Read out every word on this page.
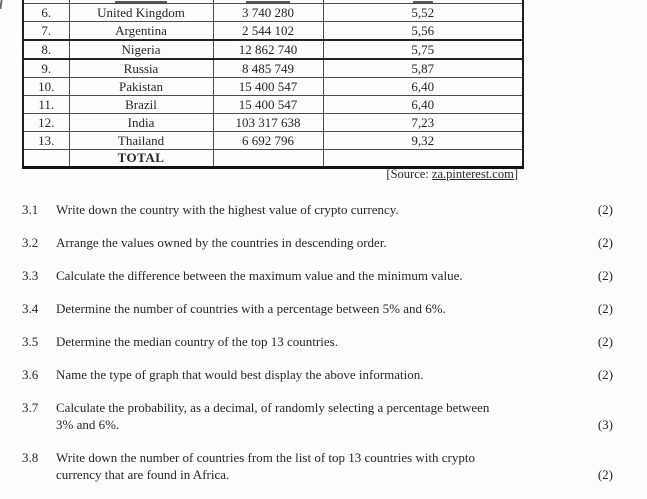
6.	United Kingdom	3 740 280	5,52
7.	Argentina	2 544 102	5,56
8.	Nigeria	12 862 740	5,75
9.	Russia	8 485 749	5,87
10.	Pakistan	15 400 547	6,40
11.	Brazil	15 400 547	6,40
12.	India	103 317 638	7,23
13.	Thailand	6 692 796	9,32
	TOTAL		
[Source: za.pinterest.com]
3.1	Write down the country with the highest value of crypto currency.	(2)
3.2	Arrange the values owned by the countries in descending order.	(2)
3.3	Calculate the difference between the maximum value and the minimum value.	(2)
3.4	Determine the number of countries with a percentage between 5% and 6%.	(2)
3.5	Determine the median country of the top 13 countries.	(2)
3.6	Name the type of graph that would best display the above information.	(2)
3.7	Calculate the probability, as a decimal, of randomly selecting a percentage between
3% and 6%.	(3)
3.8	Write down the number of countries from the list of top 13 countries with crypto
currency that are found in Africa.	(2)
